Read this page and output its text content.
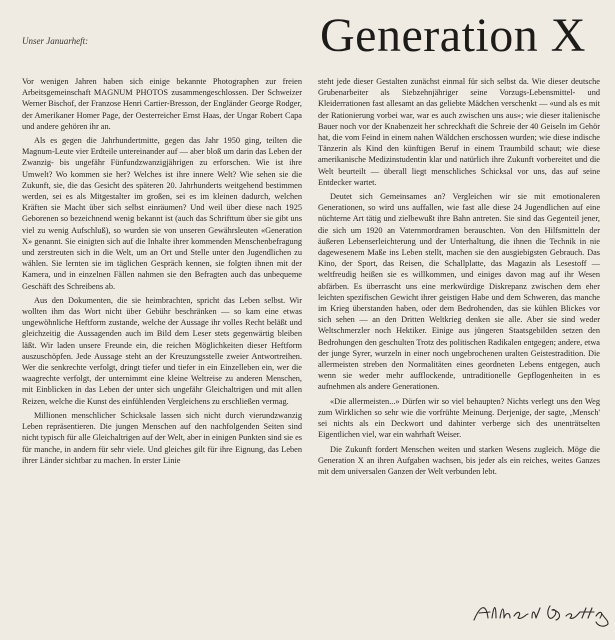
Unser Januarheft:	Generation X

Vor wenigen Jahren haben sich einige bekannte Photographen zur freien Arbeitsgemeinschaft MAGNUM PHOTOS zusammengeschlossen. Der Schweizer Werner Bischof, der Franzose Henri Cartier-Bresson, der Engländer George Rodger, der Amerikaner Homer Page, der Oesterreicher Ernst Haas, der Ungar Robert Capa und andere gehören ihr an.

Als es gegen die Jahrhundertmitte, gegen das Jahr 1950 ging, teilten die Magnum-Leute vier Erdteile untereinander auf — aber bloß um darin das Leben der Zwanzig- bis ungefähr Fünfundzwanzigjährigen zu erforschen. Wie ist ihre Umwelt? Wo kommen sie her? Welches ist ihre innere Welt? Wie sehen sie die Zukunft, sie, die das Gesicht des späteren 20. Jahrhunderts weitgehend bestimmen werden, sei es als Mitgestalter im großen, sei es im kleinen dadurch, welchen Kräften sie Macht über sich selbst einräumen? Und weil über diese nach 1925 Geborenen so bezeichnend wenig bekannt ist (auch das Schrifttum über sie gibt uns viel zu wenig Aufschluß), so wurden sie von unseren Gewährsleuten «Generation X» genannt. Sie einigten sich auf die Inhalte ihrer kommenden Menschenbefragung und zerstreuten sich in die Welt, um an Ort und Stelle unter den Jugendlichen zu wählen. Sie lernten sie im täglichen Gespräch kennen, sie folgten ihnen mit der Kamera, und in einzelnen Fällen nahmen sie den Befragten auch das unbequeme Geschäft des Schreibens ab.

Aus den Dokumenten, die sie heimbrachten, spricht das Leben selbst. Wir wollten ihm das Wort nicht über Gebühr beschränken — so kam eine etwas ungewöhnliche Heftform zustande, welche der Aussage ihr volles Recht beläßt und gleichzeitig die Aussagenden auch im Bild dem Leser stets gegenwärtig bleiben läßt. Wir laden unsere Freunde ein, die reichen Möglichkeiten dieser Heftform auszuschöpfen. Jede Aussage steht an der Kreuzungsstelle zweier Antwortreihen. Wer die senkrechte verfolgt, dringt tiefer und tiefer in ein Einzelleben ein, wer die waagrechte verfolgt, der unternimmt eine kleine Weltreise zu anderen Menschen, mit Einblicken in das Leben der unter sich ungefähr Gleichaltrigen und mit allen Reizen, welche die Kunst des einfühlenden Vergleichens zu erschließen vermag.

Millionen menschlicher Schicksale lassen sich nicht durch vierundzwanzig Leben repräsentieren. Die jungen Menschen auf den nachfolgenden Seiten sind nicht typisch für alle Gleichaltrigen auf der Welt, aber in einigen Punkten sind sie es für manche, in andern für sehr viele. Und gleiches gilt für ihre Eignung, das Leben ihrer Länder sichtbar zu machen. In erster Linie

steht jede dieser Gestalten zunächst einmal für sich selbst da. Wie dieser deutsche Grubenarbeiter als Siebzehnjähriger seine Vorzugs-Lebensmittel- und Kleiderrationen fast allesamt an das geliebte Mädchen verschenkt — «und als es mit der Rationierung vorbei war, war es auch zwischen uns aus»; wie dieser italienische Bauer noch vor der Knabenzeit her schreckhaft die Schreie der 40 Geiseln im Gehör hat, die vom Feind in einem nahen Wäldchen erschossen wurden; wie diese indische Tänzerin als Kind den künftigen Beruf in einem Traumbild schaut; wie diese amerikanische Medizinstudentin klar und natürlich ihre Zukunft vorbereitet und die Welt beurteilt — überall liegt menschliches Schicksal vor uns, das auf seine Entdecker wartet.

Deutet sich Gemeinsames an? Vergleichen wir sie mit emotionaleren Generationen, so wird uns auffallen, wie fast alle diese 24 Jugendlichen auf eine nüchterne Art tätig und zielbewußt ihre Bahn antreten. Sie sind das Gegenteil jener, die sich um 1920 an Vaternmordramen berauschten. Von den Hilfsmitteln der äußeren Lebenserleichterung und der Unterhaltung, die ihnen die Technik in nie dagewesenem Maße ins Leben stellt, machen sie den ausgiebigsten Gebrauch. Das Kino, der Sport, das Reisen, die Schallplatte, das Magazin als Lesestoff — weltfreudig heißen sie es willkommen, und einiges davon mag auf ihr Wesen abfärben. Es überrascht uns eine merkwürdige Diskrepanz zwischen dem eher leichten spezifischen Gewicht ihrer geistigen Habe und dem Schweren, das manche im Krieg überstanden haben, oder dem Bedrohenden, das sie kühlen Blickes vor sich sehen — an den Dritten Weltkrieg denken sie alle. Aber sie sind weder Weltschmerzler noch Hektiker. Einige aus jüngeren Staatsgebilden setzen den Bedrohungen den geschulten Trotz des politischen Radikalen entgegen; andere, etwa der junge Syrer, wurzeln in einer noch ungebrochenen uralten Geistestradition. Die allermeisten streben den Normalitäten eines geordneten Lebens entgegen, auch wenn sie weder mehr aufflockende, untraditionelle Gepflogenheiten in es aufnehmen als andere Generationen.

«Die allermeisten...» Dürfen wir so viel behaupten? Nichts verlegt uns den Weg zum Wirklichen so sehr wie die vorfrühte Meinung. Derjenige, der sagte, ‚Mensch' sei nichts als ein Deckwort und dahinter verberge sich des unenträtselten Eigentlichen viel, war ein wahrhaft Weiser.

Die Zukunft fordert Menschen weiten und starken Wesens zugleich. Möge die Generation X an ihren Aufgaben wachsen, bis jeder als ein reiches, weites Ganzes mit dem universalen Ganzen der Welt verbunden lebt.
